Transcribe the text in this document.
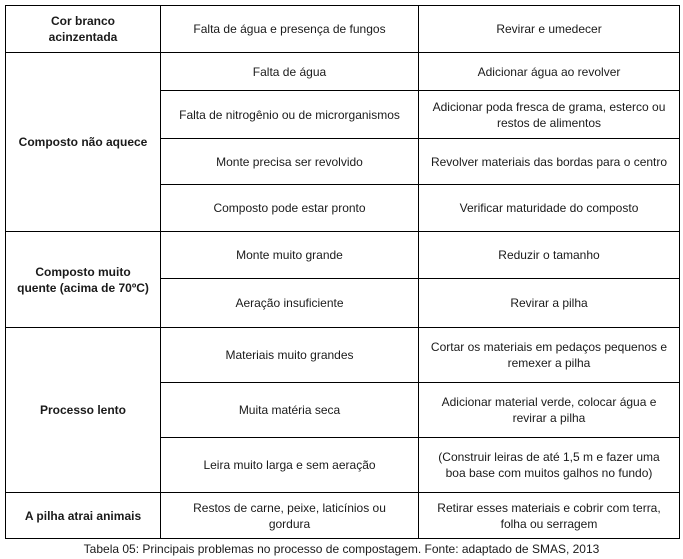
Cor branco acinzentada	Falta de água e presença de fungos	Revirar e umedecer
Composto não aquece	Falta de água	Adicionar água ao revolver
	Falta de nitrogênio ou de microrganismos	Adicionar poda fresca de grama, esterco ou restos de alimentos
	Monte precisa ser revolvido	Revolver materiais das bordas para o centro
	Composto pode estar pronto	Verificar maturidade do composto
Composto muito quente (acima de 70ºC)	Monte muito grande	Reduzir o tamanho
	Aeração insuficiente	Revirar a pilha
Processo lento	Materiais muito grandes	Cortar os materiais em pedaços pequenos e remexer a pilha
	Muita matéria seca	Adicionar material verde, colocar água e revirar a pilha
	Leira muito larga e sem aeração	(Construir leiras de até 1,5 m e fazer uma boa base com muitos galhos no fundo)
A pilha atrai animais	Restos de carne, peixe, laticínios ou gordura	Retirar esses materiais e cobrir com terra, folha ou serragem
Tabela 05: Principais problemas no processo de compostagem. Fonte: adaptado de SMAS, 2013
